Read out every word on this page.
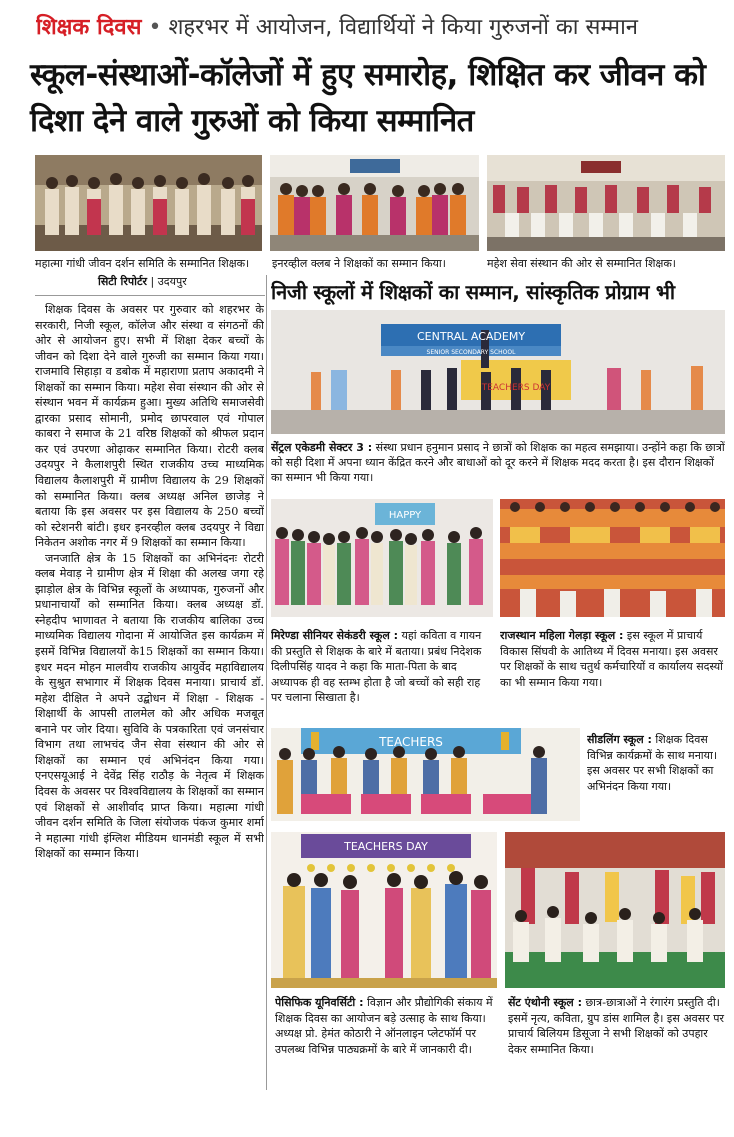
शिक्षक दिवस • शहरभर में आयोजन, विद्यार्थियों ने किया गुरुजनों का सम्मान
स्कूल-संस्थाओं-कॉलेजों में हुए समारोह, शिक्षित कर जीवन को दिशा देने वाले गुरुओं को किया सम्मानित
महात्मा गांधी जीवन दर्शन समिति के सम्मानित शिक्षक।	इनरव्हील क्लब ने शिक्षकों का सम्मान किया।	महेश सेवा संस्थान की ओर से सम्मानित शिक्षक।
सिटी रिपोर्टर | उदयपुर

शिक्षक दिवस के अवसर पर गुरुवार को शहरभर के सरकारी, निजी स्कूल, कॉलेज और संस्था व संगठनों की ओर से आयोजन हुए। सभी में शिक्षा देकर बच्चों के जीवन को दिशा देने वाले गुरुजी का सम्मान किया गया। राजमावि सिहाड़ा व डबोक में महाराणा प्रताप अकादमी ने शिक्षकों का सम्मान किया। महेश सेवा संस्थान की ओर से संस्थान भवन में कार्यक्रम हुआ। मुख्य अतिथि समाजसेवी द्वारका प्रसाद सोमानी, प्रमोद छापरवाल एवं गोपाल काबरा ने समाज के 21 वरिष्ठ शिक्षकों को श्रीफल प्रदान कर एवं उपरणा ओढ़ाकर सम्मानित किया। रोटरी क्लब उदयपुर ने कैलाशपुरी स्थित राजकीय उच्च माध्यमिक विद्यालय कैलाशपुरी में ग्रामीण विद्यालय के 29 शिक्षकों को सम्मानित किया। क्लब अध्यक्ष अनिल छाजेड़ ने बताया कि इस अवसर पर इस विद्यालय के 250 बच्चों को स्टेशनरी बांटी। इधर इनरव्हील क्लब उदयपुर ने विद्या निकेतन अशोक नगर में 9 शिक्षकों का सम्मान किया।

जनजाति क्षेत्र के 15 शिक्षकों का अभिनंदनः रोटरी क्लब मेवाड़ ने ग्रामीण क्षेत्र में शिक्षा की अलख जगा रहे झाड़ोल क्षेत्र के विभिन्न स्कूलों के अध्यापक, गुरुजनों और प्रधानाचार्यों को सम्मानित किया। क्लब अध्यक्ष डॉ. स्नेहदीप भाणावत ने बताया कि राजकीय बालिका उच्च माध्यमिक विद्यालय गोदाना में आयोजित इस कार्यक्रम में इसमें विभिन्न विद्यालयों के15 शिक्षकों का सम्मान किया। इधर मदन मोहन मालवीय राजकीय आयुर्वेद महाविद्यालय के सुश्रुत सभागार में शिक्षक दिवस मनाया। प्राचार्य डॉ. महेश दीक्षित ने अपने उद्बोधन में शिक्षा - शिक्षक - शिक्षार्थी के आपसी तालमेल को और अधिक मजबूत बनाने पर जोर दिया। सुविवि के पत्रकारिता एवं जनसंचार विभाग तथा लाभचंद जैन सेवा संस्थान की ओर से शिक्षकों का सम्मान एवं अभिनंदन किया गया। एनएसयूआई ने देवेंद्र सिंह राठौड़ के नेतृत्व में शिक्षक दिवस के अवसर पर विश्वविद्यालय के शिक्षकों का सम्मान एवं शिक्षकों से आशीर्वाद प्राप्त किया। महात्मा गांधी जीवन दर्शन समिति के जिला संयोजक पंकज कुमार शर्मा ने महात्मा गांधी इंग्लिश मीडियम धानमंडी स्कूल में सभी शिक्षकों का सम्मान किया।

निजी स्कूलों में शिक्षकों का सम्मान, सांस्कृतिक प्रोग्राम भी
CENTRAL ACADEMY
SENIOR SECONDARY SCHOOL
TEACHERS DAY
सेंट्रल एकेडमी सेक्टर 3 : संस्था प्रधान हनुमान प्रसाद ने छात्रों को शिक्षक का महत्व समझाया। उन्होंने कहा कि छात्रों को सही दिशा में अपना ध्यान केंद्रित करने और बाधाओं को दूर करने में शिक्षक मदद करता है। इस दौरान शिक्षकों का सम्मान भी किया गया।
HAPPY
मिरेण्डा सीनियर सेकंडरी स्कूल : यहां कविता व गायन की प्रस्तुति से शिक्षक के बारे में बताया। प्रबंध निदेशक दिलीपसिंह यादव ने कहा कि माता-पिता के बाद अध्यापक ही वह स्तम्भ होता है जो बच्चों को सही राह पर चलाना सिखाता है।
राजस्थान महिला गेलड़ा स्कूल : इस स्कूल में प्राचार्य विकास सिंघवी के आतिथ्य में दिवस मनाया। इस अवसर पर शिक्षकों के साथ चतुर्थ कर्मचारियों व कार्यालय सदस्यों का भी सम्मान किया गया।
TEACHERS	सीडलिंग स्कूल : शिक्षक दिवस विभिन्न कार्यक्रमों के साथ मनाया। इस अवसर पर सभी शिक्षकों का अभिनंदन किया गया।
TEACHERS DAY
पेसिफिक यूनिवर्सिटी : विज्ञान और प्रौद्योगिकी संकाय में शिक्षक दिवस का आयोजन बड़े उत्साह के साथ किया। अध्यक्ष प्रो. हेमंत कोठारी ने ऑनलाइन प्लेटफॉर्म पर उपलब्ध विभिन्न पाठ्यक्रमों के बारे में जानकारी दी।
सेंट एंथोनी स्कूल : छात्र-छात्राओं ने रंगारंग प्रस्तुति दी। इसमें नृत्य, कविता, ग्रुप डांस शामिल है। इस अवसर पर प्राचार्य बिलियम डिसूजा ने सभी शिक्षकों को उपहार देकर सम्मानित किया।
